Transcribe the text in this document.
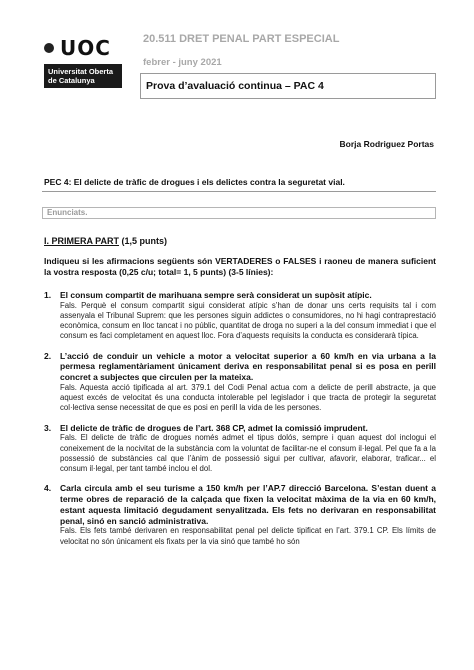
UOC
Universitat Oberta
de Catalunya
20.511 DRET PENAL PART ESPECIAL
febrer - juny 2021
Prova d’avaluació continua – PAC 4
Borja Rodriguez Portas
PEC 4: El delicte de tràfic de drogues i els delictes contra la seguretat vial.
Enunciats.
I. PRIMERA PART (1,5 punts)
Indiqueu si les afirmacions següents són VERTADERES o FALSES i raoneu de manera suficient la vostra resposta (0,25 c/u; total= 1, 5 punts) (3-5 línies):
1.	El consum compartit de marihuana sempre serà considerat un supòsit atípic.
Fals. Perquè el consum compartit sigui considerat atípic s’han de donar uns certs requisits tal i com assenyala el Tribunal Suprem: que les persones siguin addictes o consumidores, no hi hagi contraprestació econòmica, consum en lloc tancat i no públic, quantitat de droga no superi a la del consum immediat i que el consum es faci completament en aquest lloc. Fora d’aquests requisits la conducta es considerarà típica.
2.	L’acció de conduir un vehicle a motor a velocitat superior a 60 km/h en via urbana a la permesa reglamentàriament únicament deriva en responsabilitat penal si es posa en perill concret a subjectes que circulen per la mateixa.
Fals. Aquesta acció tipificada al art. 379.1 del Codi Penal actua com a delicte de perill abstracte, ja que aquest excés de velocitat és una conducta intolerable pel legislador i que tracta de protegir la seguretat col·lectiva sense necessitat de que es posi en perill la vida de les persones.
3.	El delicte de tràfic de drogues de l’art. 368 CP, admet la comissió imprudent.
Fals. El delicte de tràfic de drogues només admet el tipus dolós, sempre i quan aquest dol inclogui el coneixement de la nocivitat de la substància com la voluntat de facilitar-ne el consum il·legal. Pel que fa a la possessió de substàncies cal que l’ànim de possessió sigui per cultivar, afavorir, elaborar, traficar... el consum il·legal, per tant també inclou el dol.
4.	Carla circula amb el seu turisme a 150 km/h per l’AP.7 direcció Barcelona. S’estan duent a terme obres de reparació de la calçada que fixen la velocitat màxima de la via en 60 km/h, estant aquesta limitació degudament senyalitzada. Els fets no derivaran en responsabilitat penal, sinó en sanció administrativa.
Fals. Els fets també derivaren en responsabilitat penal pel delicte tipificat en l’art. 379.1 CP. Els límits de velocitat no són únicament els fixats per la via sinó que també ho són
